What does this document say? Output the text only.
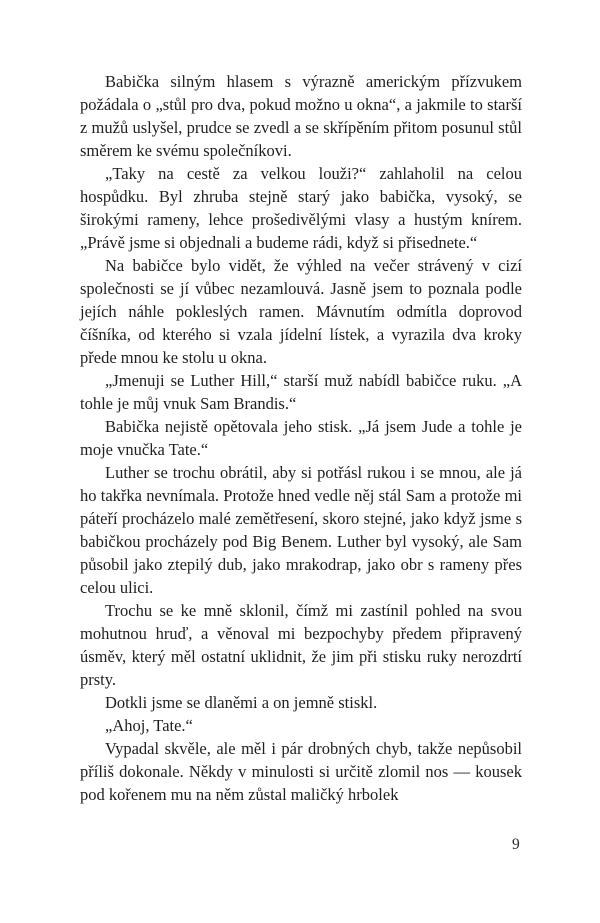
Babička silným hlasem s výrazně americkým přízvukem požádala o „stůl pro dva, pokud možno u okna“, a jakmile to starší z mužů uslyšel, prudce se zvedl a se skřípěním přitom posunul stůl směrem ke svému společníkovi.

„Taky na cestě za velkou louži?“ zahlaholil na celou hospůdku. Byl zhruba stejně starý jako babička, vysoký, se širokými rameny, lehce prošedivělými vlasy a hustým knírem. „Právě jsme si objednali a budeme rádi, když si přisednete.“

Na babičce bylo vidět, že výhled na večer strávený v cizí společnosti se jí vůbec nezamlouvá. Jasně jsem to poznala podle jejích náhle pokleslých ramen. Mávnutím odmítla doprovod číšníka, od kterého si vzala jídelní lístek, a vyrazila dva kroky přede mnou ke stolu u okna.

„Jmenuji se Luther Hill,“ starší muž nabídl babičce ruku. „A tohle je můj vnuk Sam Brandis.“

Babička nejistě opětovala jeho stisk. „Já jsem Jude a tohle je moje vnučka Tate.“

Luther se trochu obrátil, aby si potřásl rukou i se mnou, ale já ho takřka nevnímala. Protože hned vedle něj stál Sam a protože mi páteří procházelo malé zemětřesení, skoro stejné, jako když jsme s babičkou procházely pod Big Benem. Luther byl vysoký, ale Sam působil jako ztepilý dub, jako mrakodrap, jako obr s rameny přes celou ulici.

Trochu se ke mně sklonil, čímž mi zastínil pohled na svou mohutnou hruď, a věnoval mi bezpochyby předem připravený úsměv, který měl ostatní uklidnit, že jim při stisku ruky nerozdrtí prsty.

Dotkli jsme se dlaněmi a on jemně stiskl.

„Ahoj, Tate.“

Vypadal skvěle, ale měl i pár drobných chyb, takže nepůsobil příliš dokonale. Někdy v minulosti si určitě zlomil nos — kousek pod kořenem mu na něm zůstal maličký hrbolek

9
